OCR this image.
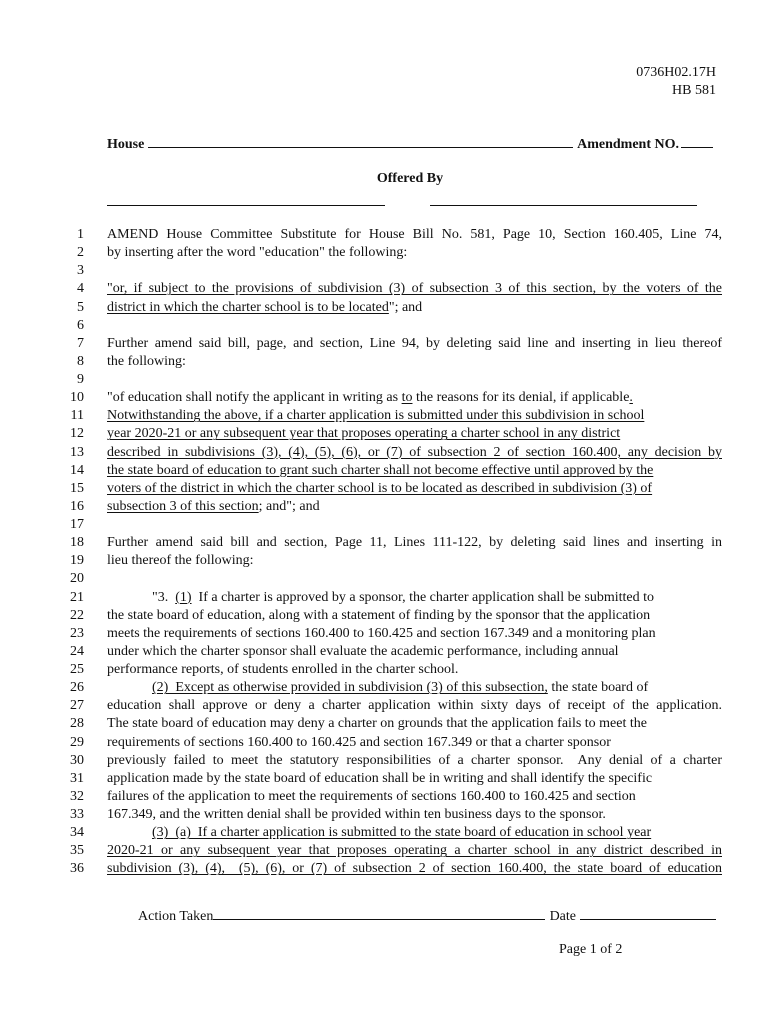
0736H02.17H
HB 581
House	Amendment NO.
Offered By
1 AMEND House Committee Substitute for House Bill No. 581, Page 10, Section 160.405, Line 74,
2 by inserting after the word "education" the following:
3
4 "or, if subject to the provisions of subdivision (3) of subsection 3 of this section, by the voters of the
5 district in which the charter school is to be located"; and
6
7 Further amend said bill, page, and section, Line 94, by deleting said line and inserting in lieu thereof
8 the following:
9
10 "of education shall notify the applicant in writing as to the reasons for its denial, if applicable.
11 Notwithstanding the above, if a charter application is submitted under this subdivision in school
12 year 2020-21 or any subsequent year that proposes operating a charter school in any district
13 described in subdivisions (3), (4), (5), (6), or (7) of subsection 2 of section 160.400, any decision by
14 the state board of education to grant such charter shall not become effective until approved by the
15 voters of the district in which the charter school is to be located as described in subdivision (3) of
16 subsection 3 of this section; and"; and
17
18 Further amend said bill and section, Page 11, Lines 111-122, by deleting said lines and inserting in
19 lieu thereof the following:
20
21	"3.  (1)  If a charter is approved by a sponsor, the charter application shall be submitted to
22 the state board of education, along with a statement of finding by the sponsor that the application
23 meets the requirements of sections 160.400 to 160.425 and section 167.349 and a monitoring plan
24 under which the charter sponsor shall evaluate the academic performance, including annual
25 performance reports, of students enrolled in the charter school.
26	(2)  Except as otherwise provided in subdivision (3) of this subsection, the state board of
27 education shall approve or deny a charter application within sixty days of receipt of the application.
28 The state board of education may deny a charter on grounds that the application fails to meet the
29 requirements of sections 160.400 to 160.425 and section 167.349 or that a charter sponsor
30 previously failed to meet the statutory responsibilities of a charter sponsor.  Any denial of a charter
31 application made by the state board of education shall be in writing and shall identify the specific
32 failures of the application to meet the requirements of sections 160.400 to 160.425 and section
33 167.349, and the written denial shall be provided within ten business days to the sponsor.
34	(3)  (a)  If a charter application is submitted to the state board of education in school year
35 2020-21 or any subsequent year that proposes operating a charter school in any district described in
36 subdivision (3), (4),  (5), (6), or (7) of subsection 2 of section 160.400, the state board of education
Action Taken	Date
Page 1 of 2
